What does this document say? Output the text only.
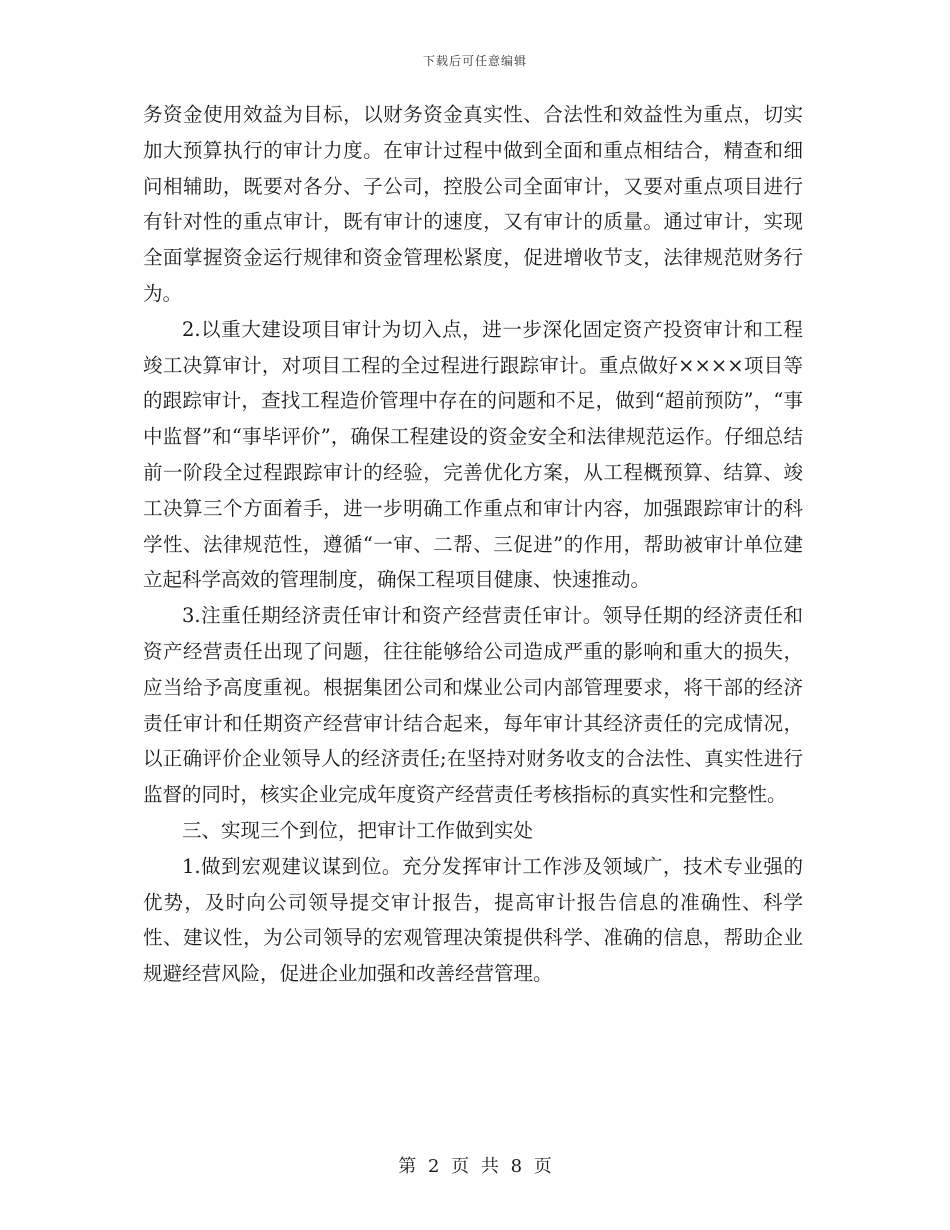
下载后可任意编辑

务资金使用效益为目标，以财务资金真实性、合法性和效益性为重点，切实加大预算执行的审计力度。在审计过程中做到全面和重点相结合，精查和细问相辅助，既要对各分、子公司，控股公司全面审计，又要对重点项目进行有针对性的重点审计，既有审计的速度，又有审计的质量。通过审计，实现全面掌握资金运行规律和资金管理松紧度，促进增收节支，法律规范财务行为。

2.以重大建设项目审计为切入点，进一步深化固定资产投资审计和工程竣工决算审计，对项目工程的全过程进行跟踪审计。重点做好××××项目等的跟踪审计，查找工程造价管理中存在的问题和不足，做到“超前预防”，“事中监督”和“事毕评价”，确保工程建设的资金安全和法律规范运作。仔细总结前一阶段全过程跟踪审计的经验，完善优化方案，从工程概预算、结算、竣工决算三个方面着手，进一步明确工作重点和审计内容，加强跟踪审计的科学性、法律规范性，遵循“一审、二帮、三促进”的作用，帮助被审计单位建立起科学高效的管理制度，确保工程项目健康、快速推动。

3.注重任期经济责任审计和资产经营责任审计。领导任期的经济责任和资产经营责任出现了问题，往往能够给公司造成严重的影响和重大的损失，应当给予高度重视。根据集团公司和煤业公司内部管理要求，将干部的经济责任审计和任期资产经营审计结合起来，每年审计其经济责任的完成情况，以正确评价企业领导人的经济责任;在坚持对财务收支的合法性、真实性进行监督的同时，核实企业完成年度资产经营责任考核指标的真实性和完整性。

三、实现三个到位，把审计工作做到实处

1.做到宏观建议谋到位。充分发挥审计工作涉及领域广，技术专业强的优势，及时向公司领导提交审计报告，提高审计报告信息的准确性、科学性、建议性，为公司领导的宏观管理决策提供科学、准确的信息，帮助企业规避经营风险，促进企业加强和改善经营管理。

第 2 页 共 8 页
